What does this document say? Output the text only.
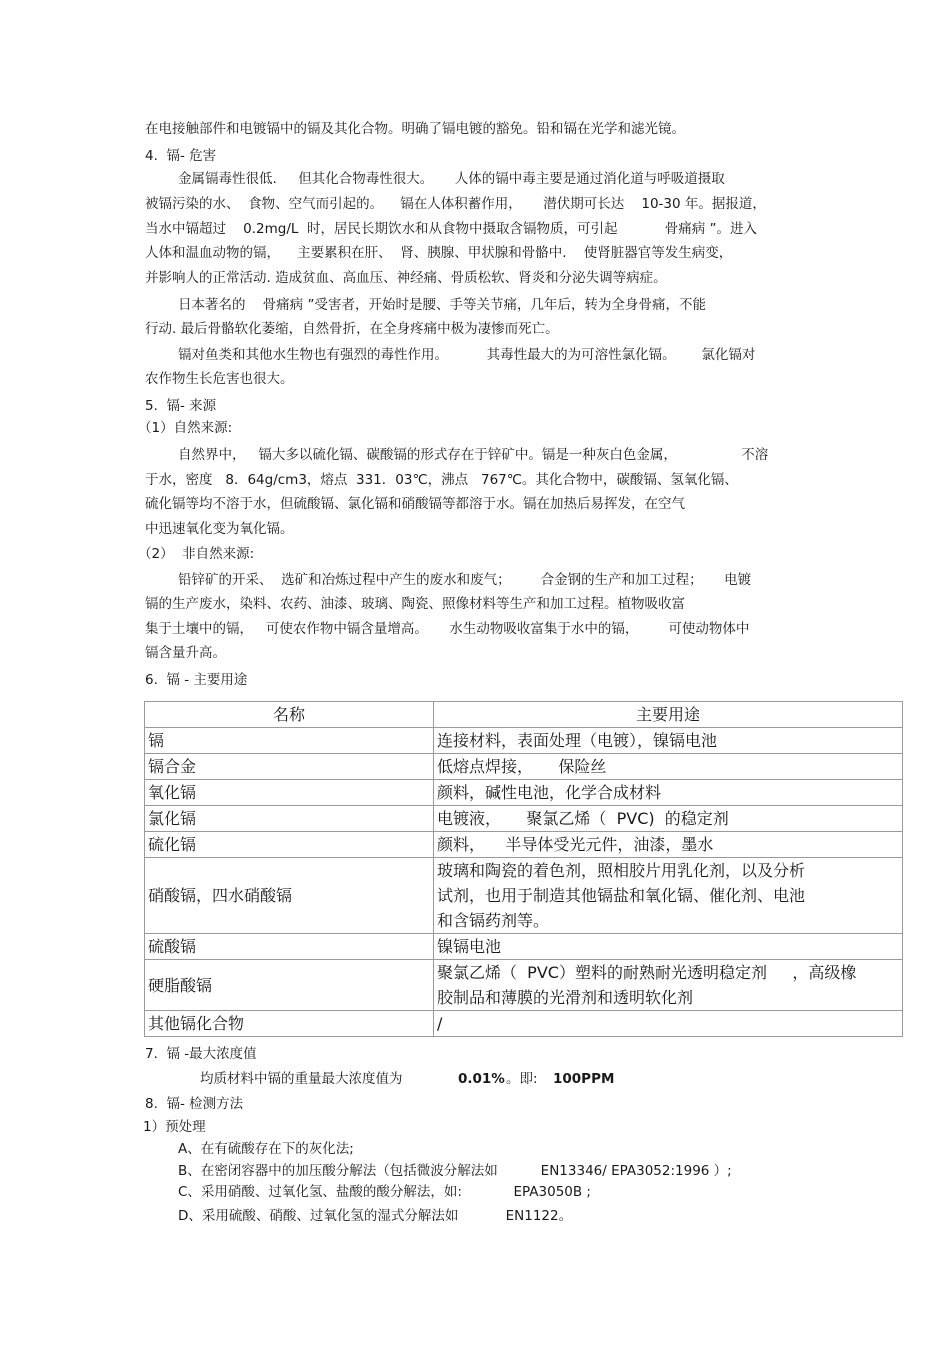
在电接触部件和电镀镉中的镉及其化合物。明确了镉电镀的豁免。铅和镉在光学和滤光镜。
4.  镉- 危害
金属镉毒性很低.     但其化合物毒性很大。     人体的镉中毒主要是通过消化道与呼吸道摄取
被镉污染的水、  食物、空气而引起的。    镉在人体积蓄作用，     潜伏期可长达    10-30 年。据报道，
当水中镉超过    0.2mg/L  时，居民长期饮水和从食物中摄取含镉物质，可引起           骨痛病 ”。进入
人体和温血动物的镉，    主要累积在肝、  肾、胰腺、甲状腺和骨骼中.    使肾脏器官等发生病变，
并影响人的正常活动. 造成贫血、高血压、神经痛、骨质松软、肾炎和分泌失调等病症。
日本著名的    骨痛病 ”受害者，开始时是腰、手等关节痛，几年后，转为全身骨痛，不能
行动. 最后骨骼软化萎缩，自然骨折，在全身疼痛中极为凄惨而死亡。
镉对鱼类和其他水生物也有强烈的毒性作用。         其毒性最大的为可溶性氯化镉。      氯化镉对
农作物生长危害也很大。
5.  镉- 来源
（1）自然来源:
自然界中，   镉大多以硫化镉、碳酸镉的形式存在于锌矿中。镉是一种灰白色金属，               不溶
于水，密度   8．64g/cm3，熔点  331．03℃，沸点   767℃。其化合物中，碳酸镉、氢氧化镉、
硫化镉等均不溶于水，但硫酸镉、氯化镉和硝酸镉等都溶于水。镉在加热后易挥发，在空气
中迅速氧化变为氧化镉。
（2）  非自然来源:
铅锌矿的开采、  选矿和冶炼过程中产生的废水和废气；       合金钢的生产和加工过程；     电镀
镉的生产废水，染料、农药、油漆、玻璃、陶瓷、照像材料等生产和加工过程。植物吸收富
集于土壤中的镉，   可使农作物中镉含量增高。     水生动物吸收富集于水中的镉，       可使动物体中
镉含量升高。
6.  镉 - 主要用途
名称	主要用途
镉	连接材料，表面处理（电镀），镍镉电池
镉合金	低熔点焊接，     保险丝
氧化镉	颜料，碱性电池，化学合成材料
氯化镉	电镀液，     聚氯乙烯（  PVC)  的稳定剂
硫化镉	颜料，    半导体受光元件，油漆，墨水
硝酸镉，四水硝酸镉	玻璃和陶瓷的着色剂，照相胶片用乳化剂，以及分析
试剂，也用于制造其他镉盐和氧化镉、催化剂、电池
和含镉药剂等。
硫酸镉	镍镉电池
硬脂酸镉	聚氯乙烯（  PVC）塑料的耐熟耐光透明稳定剂     ，高级橡
胶制品和薄膜的光滑剂和透明软化剂
其他镉化合物	/
7.  镉 -最大浓度值
均质材料中镉的重量最大浓度值为	0.01% 。即: 100PPM
8.  镉- 检测方法
1）预处理
A、在有硫酸存在下的灰化法;
B、在密闭容器中的加压酸分解法（包括微波分解法如          EN13346/ EPA3052:1996 ）;
C、采用硝酸、过氧化氢、盐酸的酸分解法，如:            EPA3050B ;
D、采用硫酸、硝酸、过氧化氢的湿式分解法如           EN1122。
